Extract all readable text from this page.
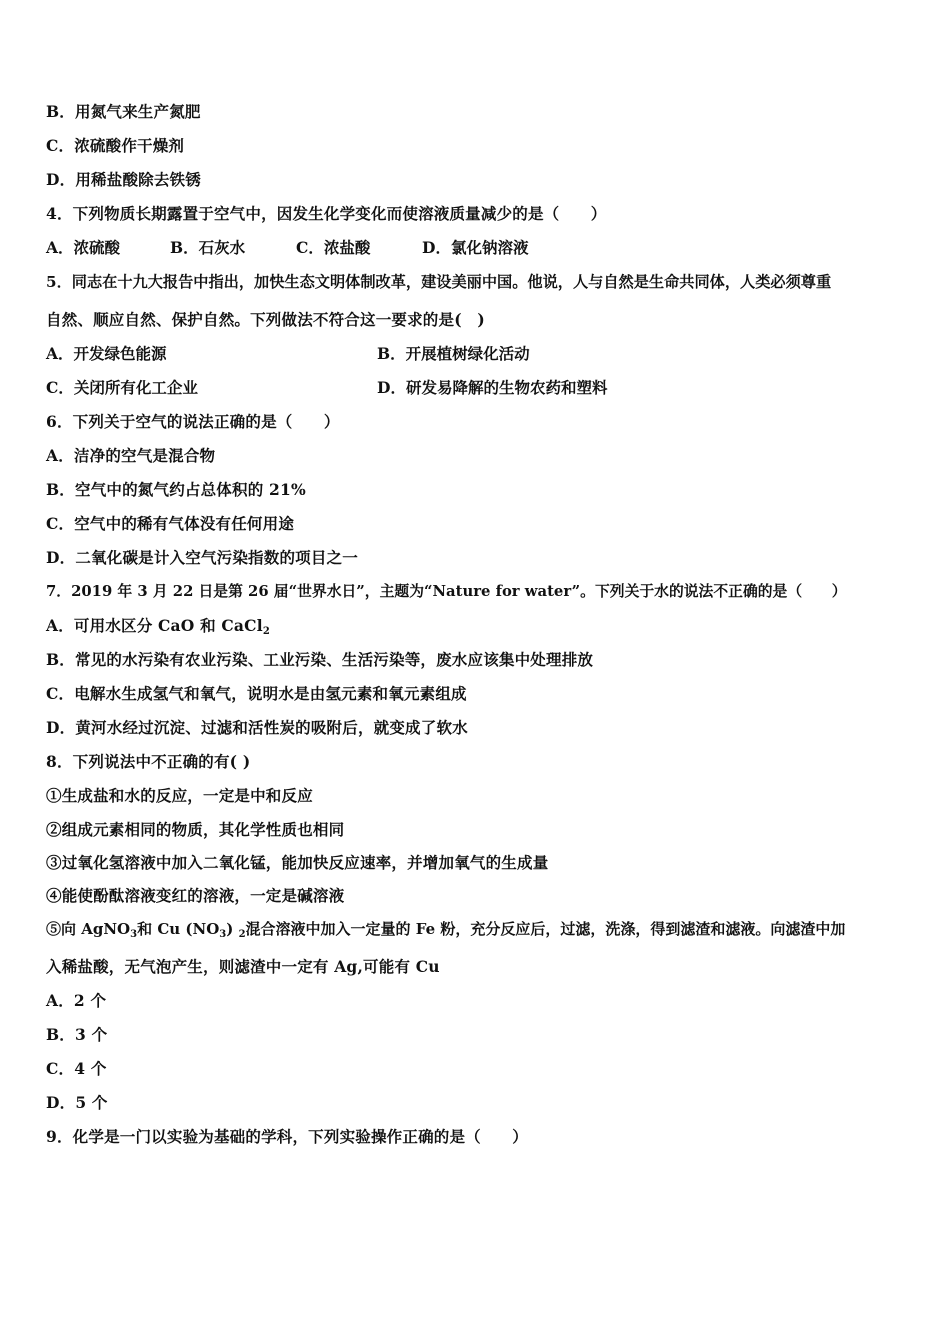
B．用氮气来生产氮肥
C．浓硫酸作干燥剂
D．用稀盐酸除去铁锈
4．下列物质长期露置于空气中，因发生化学变化而使溶液质量减少的是（　　）
A．浓硫酸	B．石灰水	C．浓盐酸	D．氯化钠溶液
5．同志在十九大报告中指出，加快生态文明体制改革，建设美丽中国。他说，人与自然是生命共同体，人类必须尊重
自然、顺应自然、保护自然。下列做法不符合这一要求的是(　)
A．开发绿色能源	B．开展植树绿化活动
C．关闭所有化工企业	D．研发易降解的生物农药和塑料
6．下列关于空气的说法正确的是（　　）
A．洁净的空气是混合物
B．空气中的氮气约占总体积的 21%
C．空气中的稀有气体没有任何用途
D．二氧化碳是计入空气污染指数的项目之一
7．2019 年 3 月 22 日是第 26 届“世界水日”，主题为“Nature for water”。下列关于水的说法不正确的是（　　）
A．可用水区分 CaO 和 CaCl$_2$
B．常见的水污染有农业污染、工业污染、生活污染等，废水应该集中处理排放
C．电解水生成氢气和氧气，说明水是由氢元素和氧元素组成
D．黄河水经过沉淀、过滤和活性炭的吸附后，就变成了软水
8．下列说法中不正确的有( )
①生成盐和水的反应，一定是中和反应
②组成元素相同的物质，其化学性质也相同
③过氧化氢溶液中加入二氧化锰，能加快反应速率，并增加氧气的生成量
④能使酚酞溶液变红的溶液，一定是碱溶液
⑤向 AgNO$_3$和 Cu $(NO_3)$ $_2$混合溶液中加入一定量的 Fe 粉，充分反应后，过滤，洗涤，得到滤渣和滤液。向滤渣中加
入稀盐酸，无气泡产生，则滤渣中一定有 Ag,可能有 Cu
A．2 个
B．3 个
C．4 个
D．5 个
9．化学是一门以实验为基础的学科，下列实验操作正确的是（　　）
